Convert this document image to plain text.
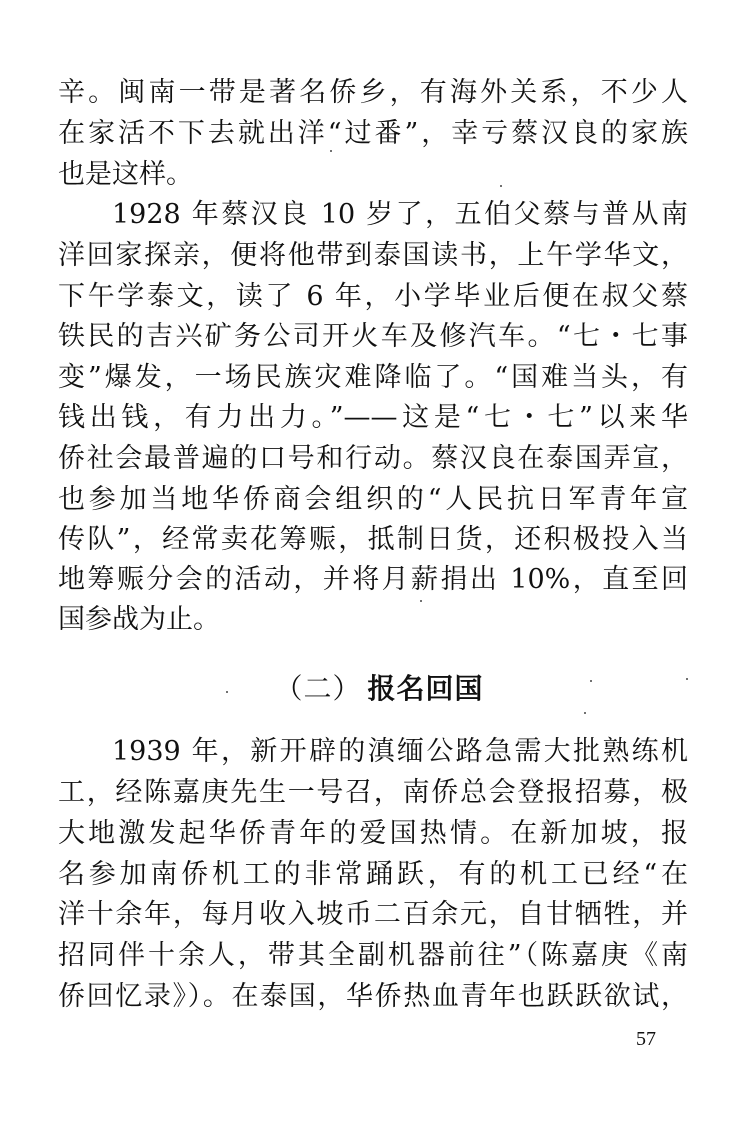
辛。闽南一带是著名侨乡，有海外关系，不少人
在家活不下去就出洋“过番”，幸亏蔡汉良的家族
也是这样。
1928 年蔡汉良 10 岁了，五伯父蔡与普从南
洋回家探亲，便将他带到泰国读书，上午学华文，
下午学泰文，读了 6 年，小学毕业后便在叔父蔡
铁民的吉兴矿务公司开火车及修汽车。“七・七事
变”爆发，一场民族灾难降临了。“国难当头，有
钱出钱，有力出力。”——这是“七・七”以来华
侨社会最普遍的口号和行动。蔡汉良在泰国弄宣，
也参加当地华侨商会组织的“人民抗日军青年宣
传队”，经常卖花筹赈，抵制日货，还积极投入当
地筹赈分会的活动，并将月薪捐出 10%，直至回
国参战为止。
（二） 报名回国
1939 年，新开辟的滇缅公路急需大批熟练机
工，经陈嘉庚先生一号召，南侨总会登报招募，极
大地激发起华侨青年的爱国热情。在新加坡，报
名参加南侨机工的非常踊跃，有的机工已经“在
洋十余年，每月收入坡币二百余元，自甘牺牲，并
招同伴十余人，带其全副机器前往”（陈嘉庚《南
侨回忆录》）。在泰国，华侨热血青年也跃跃欲试，
57
